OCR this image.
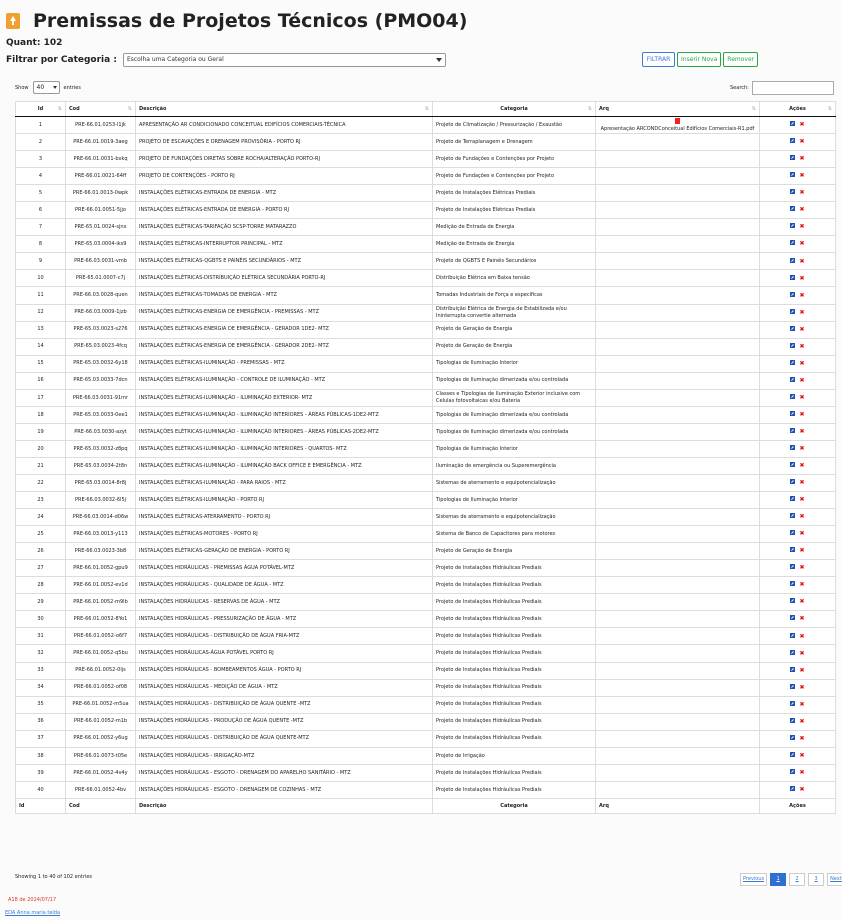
Premissas de Projetos Técnicos (PMO04)
Quant: 102
Filtrar por Categoria :	Escolha uma Categoria ou Geral	FILTRAR	Inserir Nova	Remover
Show	40	entries	Search:
Id ⇅	Cod ⇅	Descrição ⇅	Categoria ⇅	Arq ⇅	Ações ⇅
1	PRE-66.01.0253-l1jk	APRESENTAÇÃO AR CONDICIONADO CONCEITUAL EDIFÍCIOS COMERCIAIS-TÉCNICA	Projeto de Climatização / Pressurização / Exaustão	Apresentação ARCONDConceitual Edifícios Comerciais-R1.pdf	✖
2	PRE-66.01.0019-3aeg	PROJETO DE ESCAVAÇÕES E DRENAGEM PROVISÓRIA - PORTO RJ	Projeto de Terraplanagem e Drenagem		✖
3	PRE-66.01.0031-bxkq	PROJETO DE FUNDAÇÕES DIRETAS SOBRE ROCHA/ALTERAÇÃO PORTO-RJ	Projeto de Fundações e Contenções por Projeto		✖
4	PRE-66.01.0021-64ff	PROJETO DE CONTENÇÕES - PORTO RJ	Projeto de Fundações e Contenções por Projeto		✖
5	PRE-66.01.0013-0wpk	INSTALAÇÕES ELÉTRICAS-ENTRADA DE ENERGIA - MTZ	Projeto de Instalações Elétricas Prediais		✖
6	PRE-66.01.0051-5jjo	INSTALAÇÕES ELÉTRICAS-ENTRADA DE ENERGIA - PORTO RJ	Projeto de Instalações Elétricas Prediais		✖
7	PRE-65.01.0024-sjnx	INSTALAÇÕES ELÉTRICAS-TARIFAÇÃO SCSP-TORRE MATARAZZO	Medição de Entrada de Energia		✖
8	PRE-65.03.0004-iks9	INSTALAÇÕES ELÉTRICAS-INTERRUPTOR PRINCIPAL - MTZ	Medição de Entrada de Energia		✖
9	PRE-66.03.0031-vmb	INSTALAÇÕES ELÉTRICAS-QGBTS E PAINÉIS SECUNDÁRIOS - MTZ	Projeto de QGBTS E Painéis Secundários		✖
10	PRE-65.01.0007-c7j	INSTALAÇÕES ELÉTRICAS-DISTRIBUIÇÃO ELÉTRICA SECUNDÁRIA PORTO-RJ	Distribuição Elétrica em Baixa tensão		✖
11	PRE-66.03.0028-quen	INSTALAÇÕES ELÉTRICAS-TOMADAS DE ENERGIA - MTZ	Tomadas Industriais de Força e específicas		✖
12	PRE-66.03.0009-1jzb	INSTALAÇÕES ELÉTRICAS-ENERGIA DE EMERGÊNCIA - PREMISSAS - MTZ	Distribuição Elétrica de Energia de Estabilizada e/ou Ininterrupta convertie alternada		✖
13	PRE-65.03.0023-s276	INSTALAÇÕES ELÉTRICAS-ENERGIA DE EMERGÊNCIA - GERADOR 1DE2- MTZ	Projeto de Geração de Energia		✖
14	PRE-65.03.0023-4fcq	INSTALAÇÕES ELÉTRICAS-ENERGIA DE EMERGÊNCIA - GERADOR 2DE2- MTZ	Projeto de Geração de Energia		✖
15	PRE-65.03.0032-6y18	INSTALAÇÕES ELÉTRICAS-ILUMINAÇÃO - PREMISSAS - MTZ	Tipologias de Iluminação Interior		✖
16	PRE-65.03.0033-7dcn	INSTALAÇÕES ELÉTRICAS-ILUMINAÇÃO - CONTROLE DE ILUMINAÇÃO - MTZ	Tipologias de Iluminação dimerizada e/ou controlada		✖
17	PRE-66.03.0031-91mr	INSTALAÇÕES ELÉTRICAS-ILUMINAÇÃO - ILUMINAÇÃO EXTERIOR- MTZ	Classes e Tipologias de Iluminação Exterior inclusive com Celulas fotovoltaicas e/ou Bateria		✖
18	PRE-65.03.0033-0ee1	INSTALAÇÕES ELÉTRICAS-ILUMINAÇÃO - ILUMINAÇÃO INTERIORES - ÁREAS PÚBLICAS-1DE2-MTZ	Tipologias de Iluminação dimerizada e/ou controlada		✖
19	PRE-66.03.0030-azyt	INSTALAÇÕES ELÉTRICAS-ILUMINAÇÃO - ILUMINAÇÃO INTERIORES - ÁREAS PÚBLICAS-2DE2-MTZ	Tipologias de Iluminação dimerizada e/ou controlada		✖
20	PRE-65.03.0032-z8pq	INSTALAÇÕES ELÉTRICAS-ILUMINAÇÃO - ILUMINAÇÃO INTERIORES - QUARTOS- MTZ	Tipologias de Iluminação Interior		✖
21	PRE-65.03.0034-2t8n	INSTALAÇÕES ELÉTRICAS-ILUMINAÇÃO - ILUMINAÇÃO BACK OFFICE E EMERGÊNCIA - MTZ	Iluminação de emergência ou Superemergência		✖
22	PRE-65.03.0014-8r8j	INSTALAÇÕES ELÉTRICAS-ILUMINAÇÃO - PARA RAIOS - MTZ	Sistemas de aterramento e equipotencialização		✖
23	PRE-66.03.0032-6l5j	INSTALAÇÕES ELÉTRICAS-ILUMINAÇÃO - PORTO RJ	Tipologias de Iluminação Interior		✖
24	PRE-66.03.0014-d06w	INSTALAÇÕES ELÉTRICAS-ATERRAMENTO - PORTO RJ	Sistemas de aterramento e equipotencialização		✖
25	PRE-66.03.0013-y113	INSTALAÇÕES ELÉTRICAS-MOTORES - PORTO RJ	Sistema de Banco de Capacitores para motores		✖
26	PRE-66.03.0023-3b8	INSTALAÇÕES ELÉTRICAS-GERAÇÃO DE ENERGIA - PORTO RJ	Projeto de Geração de Energia		✖
27	PRE-66.01.0052-gpu9	INSTALAÇÕES HIDRÁULICAS - PREMISSAS ÁGUA POTÁVEL-MTZ	Projeto de Instalações Hidráulicas Prediais		✖
28	PRE-66.01.0052-ev1d	INSTALAÇÕES HIDRÁULICAS - QUALIDADE DE ÁGUA - MTZ	Projeto de Instalações Hidráulicas Prediais		✖
29	PRE-66.01.0052-m9lb	INSTALAÇÕES HIDRÁULICAS - RESERVAS DE ÁGUA - MTZ	Projeto de Instalações Hidráulicas Prediais		✖
30	PRE-66.01.0052-8Yo1	INSTALAÇÕES HIDRÁULICAS - PRESSURIZAÇÃO DE ÁGUA - MTZ	Projeto de Instalações Hidráulicas Prediais		✖
31	PRE-66.01.0052-o6f7	INSTALAÇÕES HIDRÁULICAS - DISTRIBUIÇÃO DE ÁGUA FRIA-MTZ	Projeto de Instalações Hidráulicas Prediais		✖
32	PRE-66.01.0052-q5bu	INSTALAÇÕES HIDRÁULICAS-ÁGUA POTÁVEL PORTO RJ	Projeto de Instalações Hidráulicas Prediais		✖
33	PRE-66.01.0052-0ljs	INSTALAÇÕES HIDRÁULICAS - BOMBEAMENTOS ÁGUA - PORTO RJ	Projeto de Instalações Hidráulicas Prediais		✖
34	PRE-66.01.0052-of08	INSTALAÇÕES HIDRÁULICAS - MEDIÇÃO DE ÁGUA - MTZ	Projeto de Instalações Hidráulicas Prediais		✖
35	PRE-66.01.0052-m5ua	INSTALAÇÕES HIDRÁULICAS - DISTRIBUIÇÃO DE ÁGUA QUENTE -MTZ	Projeto de Instalações Hidráulicas Prediais		✖
36	PRE-66.01.0052-m1b	INSTALAÇÕES HIDRÁULICAS - PRODUÇÃO DE ÁGUA QUENTE -MTZ	Projeto de Instalações Hidráulicas Prediais		✖
37	PRE-66.01.0052-y6ug	INSTALAÇÕES HIDRÁULICAS - DISTRIBUIÇÃO DE ÁGUA QUENTE-MTZ	Projeto de Instalações Hidráulicas Prediais		✖
38	PRE-66.01.0073-t05e	INSTALAÇÕES HIDRÁULICAS - IRRIGAÇÃO-MTZ	Projeto de Irrigação		✖
39	PRE-66.01.0052-4v4y	INSTALAÇÕES HIDRÁULICAS - ESGOTO - DRENAGEM DO APARELHO SANITÁRIO - MTZ	Projeto de Instalações Hidráulicas Prediais		✖
40	PRE-66.01.0052-4bv	INSTALAÇÕES HIDRÁULICAS - ESGOTO - DRENAGEM DE COZINHAS - MTZ	Projeto de Instalações Hidráulicas Prediais		✖
Id	Cod	Descrição	Categoria	Arq	Ações
Showing 1 to 40 of 102 entries	Previous	1	2	3	Next
A18 de 2024/07/17
EDA Anna maria telda
